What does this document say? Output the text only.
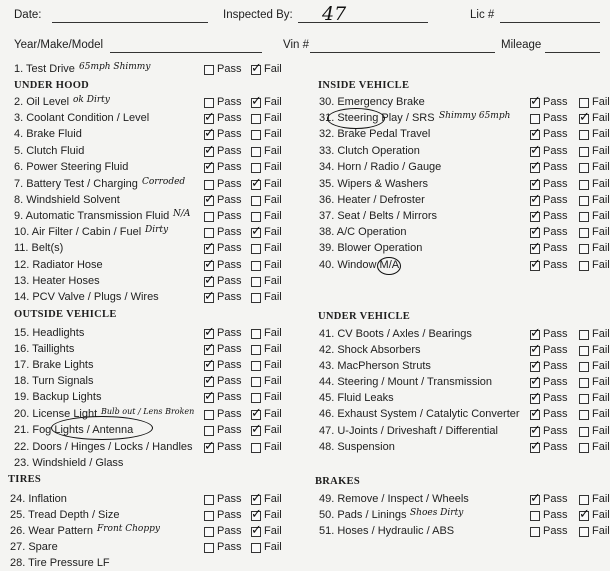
Date:	Inspected By: 47	Lic #
Year/Make/Model	Vin #	Mileage
UNDER HOOD
OUTSIDE VEHICLE
TIRES
INSIDE VEHICLE
UNDER VEHICLE
BRAKES
1. Test Drive 65mph Shimmy	Pass ✓ Fail
2. Oil Level ok Dirty	Pass ✓ Fail
3. Coolant Condition / Level	✓ Pass Fail
4. Brake Fluid	✓ Pass Fail
5. Clutch Fluid	✓ Pass Fail
6. Power Steering Fluid	✓ Pass Fail
7. Battery Test / Charging Corroded	Pass ✓ Fail
8. Windshield Solvent	✓ Pass Fail
9. Automatic Transmission Fluid N/A Pass Fail
10. Air Filter / Cabin / Fuel Dirty	Pass ✓ Fail
11. Belt(s)	✓ Pass Fail
12. Radiator Hose	✓ Pass Fail
13. Heater Hoses	✓ Pass Fail
14. PCV Valve / Plugs / Wires	✓ Pass Fail
15. Headlights	✓ Pass Fail
16. Taillights	✓ Pass Fail
17. Brake Lights	✓ Pass Fail
18. Turn Signals	✓ Pass Fail
19. Backup Lights	✓ Pass Fail
20. License Light Bulb out / Lens Broken Pass ✓ Fail
21. Fog Lights / Antenna	Pass ✓ Fail
22. Doors / Hinges / Locks / Handles ✓ Pass Fail
23. Windshield / Glass
24. Inflation	Pass ✓ Fail
25. Tread Depth / Size	Pass ✓ Fail
26. Wear Pattern Front Choppy	Pass ✓ Fail
27. Spare	Pass Fail
28. Tire Pressure LF
30. Emergency Brake	✓ Pass Fail
31. Steering Play / SRS Shimmy 65mph	Pass ✓ Fail
32. Brake Pedal Travel	✓ Pass Fail
33. Clutch Operation	✓ Pass Fail
34. Horn / Radio / Gauge	✓ Pass Fail
35. Wipers & Washers	✓ Pass Fail
36. Heater / Defroster	✓ Pass Fail
37. Seat / Belts / Mirrors	✓ Pass Fail
38. A/C Operation	✓ Pass Fail
39. Blower Operation	✓ Pass Fail
40. Window M/A	✓ Pass Fail
41. CV Boots / Axles / Bearings	✓ Pass Fail
42. Shock Absorbers	✓ Pass Fail
43. MacPherson Struts	✓ Pass Fail
44. Steering / Mount / Transmission	✓ Pass Fail
45. Fluid Leaks	✓ Pass Fail
46. Exhaust System / Catalytic Converter ✓ Pass Fail
47. U-Joints / Driveshaft / Differential ✓ Pass Fail
48. Suspension	✓ Pass Fail
49. Remove / Inspect / Wheels	✓ Pass Fail
50. Pads / Linings Shoes Dirty	Pass ✓ Fail
51. Hoses / Hydraulic / ABS	Pass Fail
